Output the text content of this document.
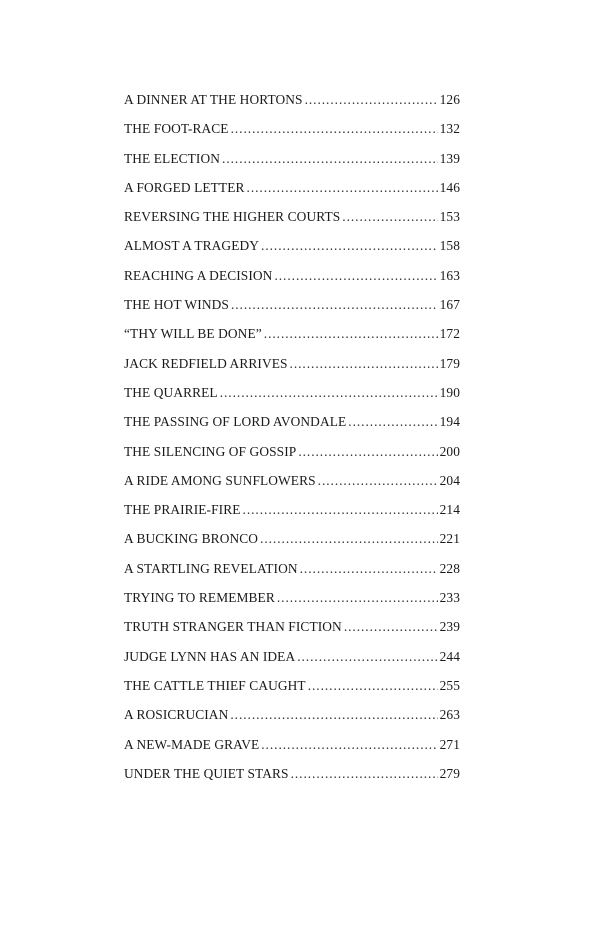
A DINNER AT THE HORTONS . . .	126
THE FOOT-RACE . . .	132
THE ELECTION . . .	139
A FORGED LETTER . . .	146
REVERSING THE HIGHER COURTS . . .	153
ALMOST A TRAGEDY . . .	158
REACHING A DECISION . . .	163
THE HOT WINDS . . .	167
“THY WILL BE DONE” . . .	172
JACK REDFIELD ARRIVES . . .	179
THE QUARREL . . .	190
THE PASSING OF LORD AVONDALE . . .	194
THE SILENCING OF GOSSIP . . .	200
A RIDE AMONG SUNFLOWERS . . .	204
THE PRAIRIE-FIRE . . .	214
A BUCKING BRONCO . . .	221
A STARTLING REVELATION . . .	228
TRYING TO REMEMBER . . .	233
TRUTH STRANGER THAN FICTION . . .	239
JUDGE LYNN HAS AN IDEA . . .	244
THE CATTLE THIEF CAUGHT . . .	255
A ROSICRUCIAN . . .	263
A NEW-MADE GRAVE . . .	271
UNDER THE QUIET STARS . . .	279
